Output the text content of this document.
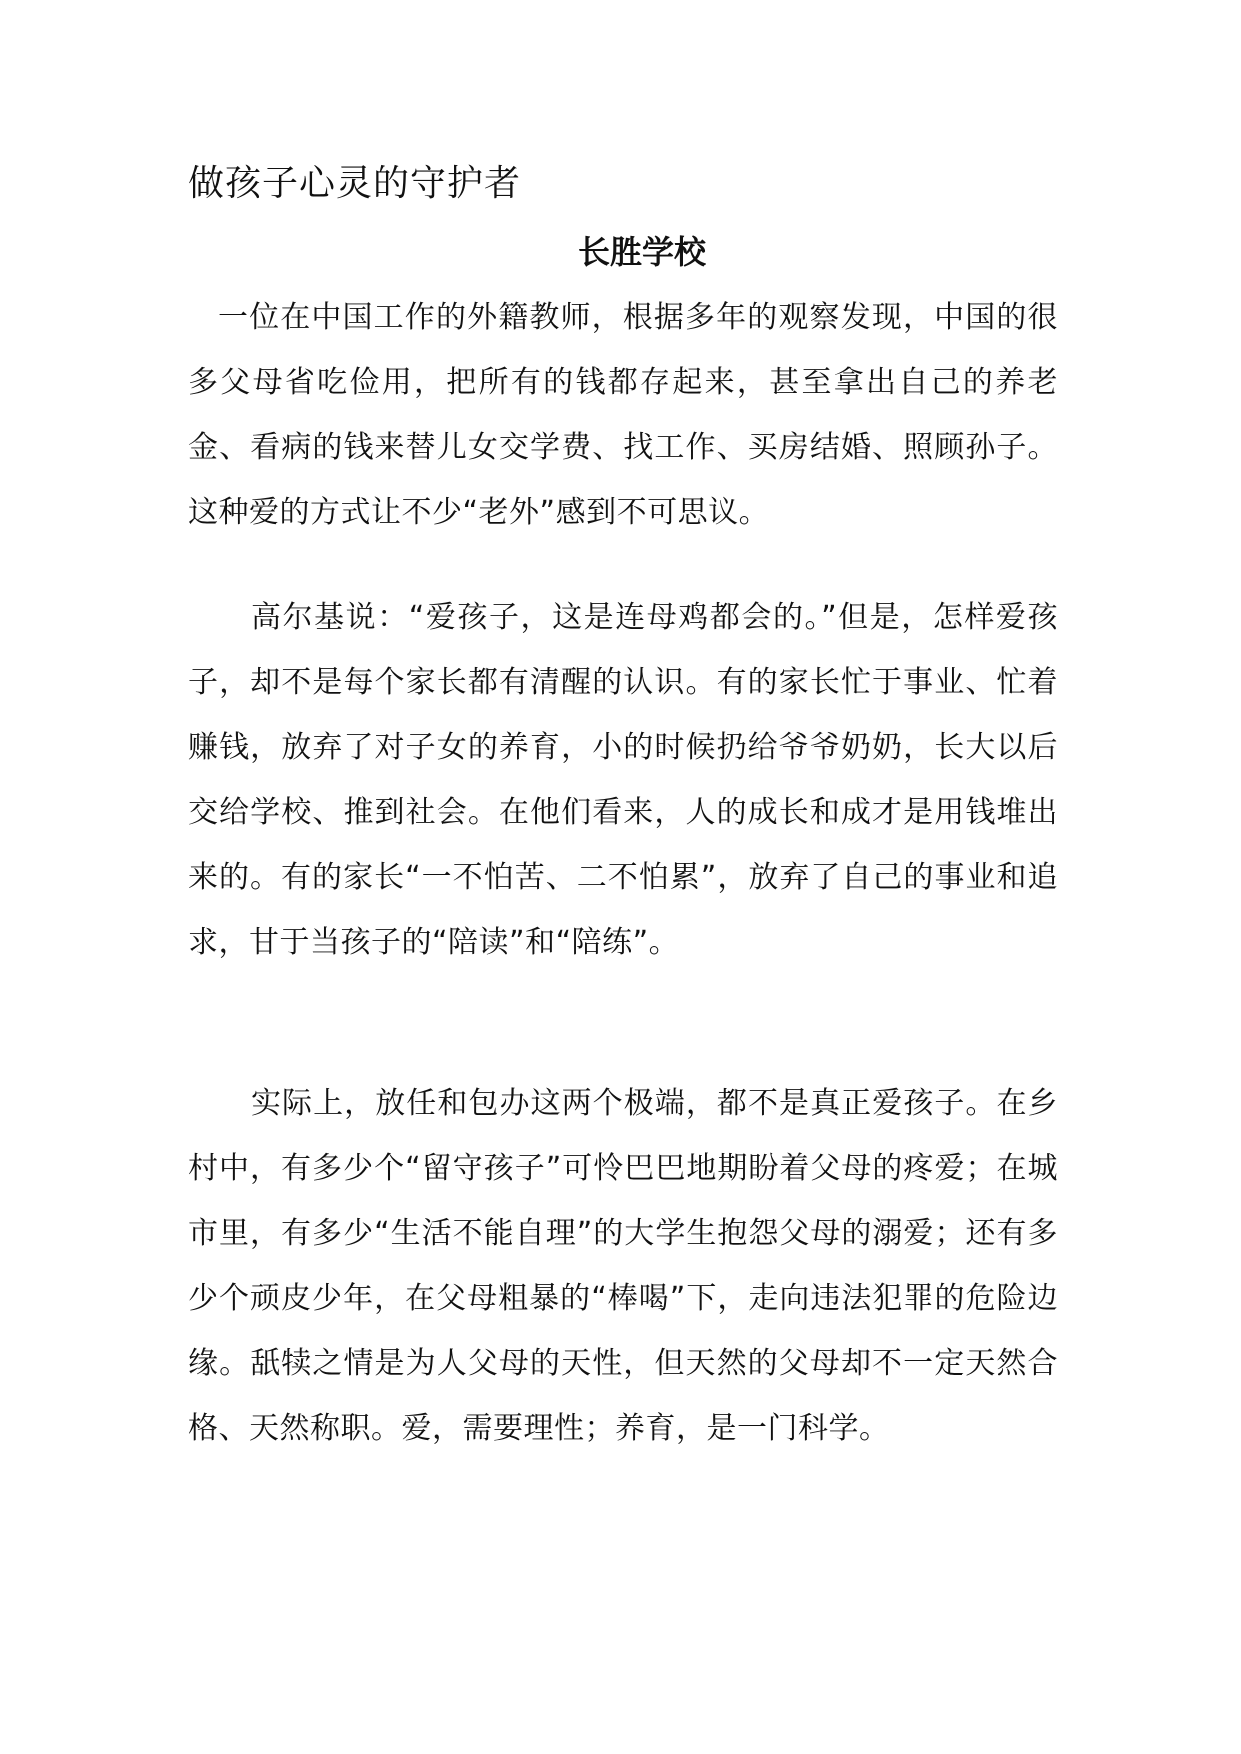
做孩子心灵的守护者
长胜学校

一位在中国工作的外籍教师，根据多年的观察发现，中国的很多父母省吃俭用，把所有的钱都存起来，甚至拿出自己的养老金、看病的钱来替儿女交学费、找工作、买房结婚、照顾孙子。这种爱的方式让不少“老外”感到不可思议。

高尔基说：“爱孩子，这是连母鸡都会的。”但是，怎样爱孩子，却不是每个家长都有清醒的认识。有的家长忙于事业、忙着赚钱，放弃了对子女的养育，小的时候扔给爷爷奶奶，长大以后交给学校、推到社会。在他们看来，人的成长和成才是用钱堆出来的。有的家长“一不怕苦、二不怕累”，放弃了自己的事业和追求，甘于当孩子的“陪读”和“陪练”。

实际上，放任和包办这两个极端，都不是真正爱孩子。在乡村中，有多少个“留守孩子”可怜巴巴地期盼着父母的疼爱；在城市里，有多少“生活不能自理”的大学生抱怨父母的溺爱；还有多少个顽皮少年，在父母粗暴的“棒喝”下，走向违法犯罪的危险边缘。舐犊之情是为人父母的天性，但天然的父母却不一定天然合格、天然称职。爱，需要理性；养育，是一门科学。
